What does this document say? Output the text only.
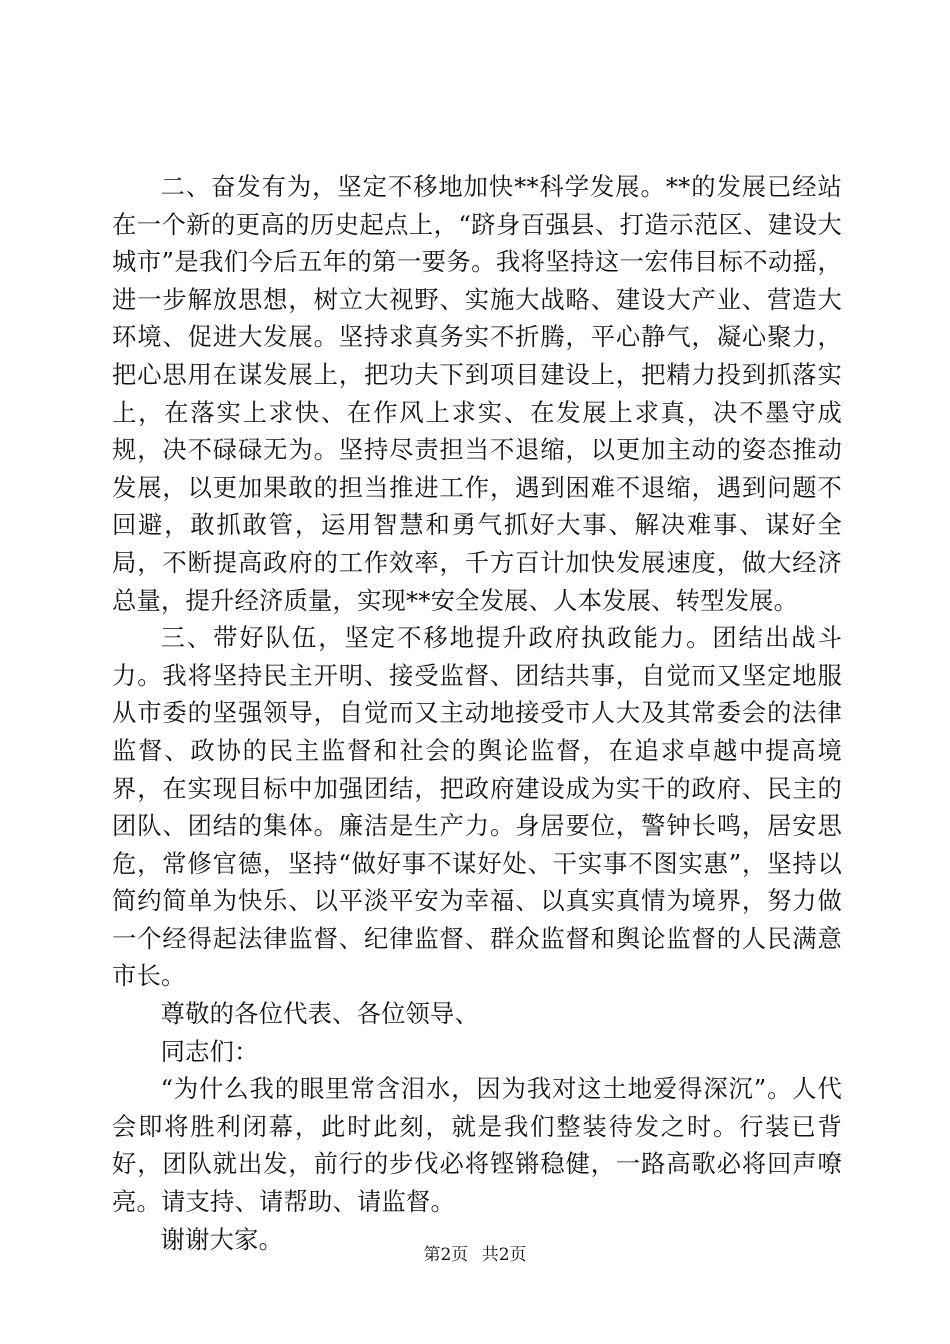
二、奋发有为，坚定不移地加快**科学发展。**的发展已经站在一个新的更高的历史起点上，“跻身百强县、打造示范区、建设大城市”是我们今后五年的第一要务。我将坚持这一宏伟目标不动摇，进一步解放思想，树立大视野、实施大战略、建设大产业、营造大环境、促进大发展。坚持求真务实不折腾，平心静气，凝心聚力，把心思用在谋发展上，把功夫下到项目建设上，把精力投到抓落实上，在落实上求快、在作风上求实、在发展上求真，决不墨守成规，决不碌碌无为。坚持尽责担当不退缩，以更加主动的姿态推动发展，以更加果敢的担当推进工作，遇到困难不退缩，遇到问题不回避，敢抓敢管，运用智慧和勇气抓好大事、解决难事、谋好全局，不断提高政府的工作效率，千方百计加快发展速度，做大经济总量，提升经济质量，实现**安全发展、人本发展、转型发展。

三、带好队伍，坚定不移地提升政府执政能力。团结出战斗力。我将坚持民主开明、接受监督、团结共事，自觉而又坚定地服从市委的坚强领导，自觉而又主动地接受市人大及其常委会的法律监督、政协的民主监督和社会的舆论监督，在追求卓越中提高境界，在实现目标中加强团结，把政府建设成为实干的政府、民主的团队、团结的集体。廉洁是生产力。身居要位，警钟长鸣，居安思危，常修官德，坚持“做好事不谋好处、干实事不图实惠”，坚持以简约简单为快乐、以平淡平安为幸福、以真实真情为境界，努力做一个经得起法律监督、纪律监督、群众监督和舆论监督的人民满意市长。

尊敬的各位代表、各位领导、

同志们：

“为什么我的眼里常含泪水，因为我对这土地爱得深沉”。人代会即将胜利闭幕，此时此刻，就是我们整装待发之时。行装已背好，团队就出发，前行的步伐必将铿锵稳健，一路高歌必将回声嘹亮。请支持、请帮助、请监督。

谢谢大家。

第2页 共2页
